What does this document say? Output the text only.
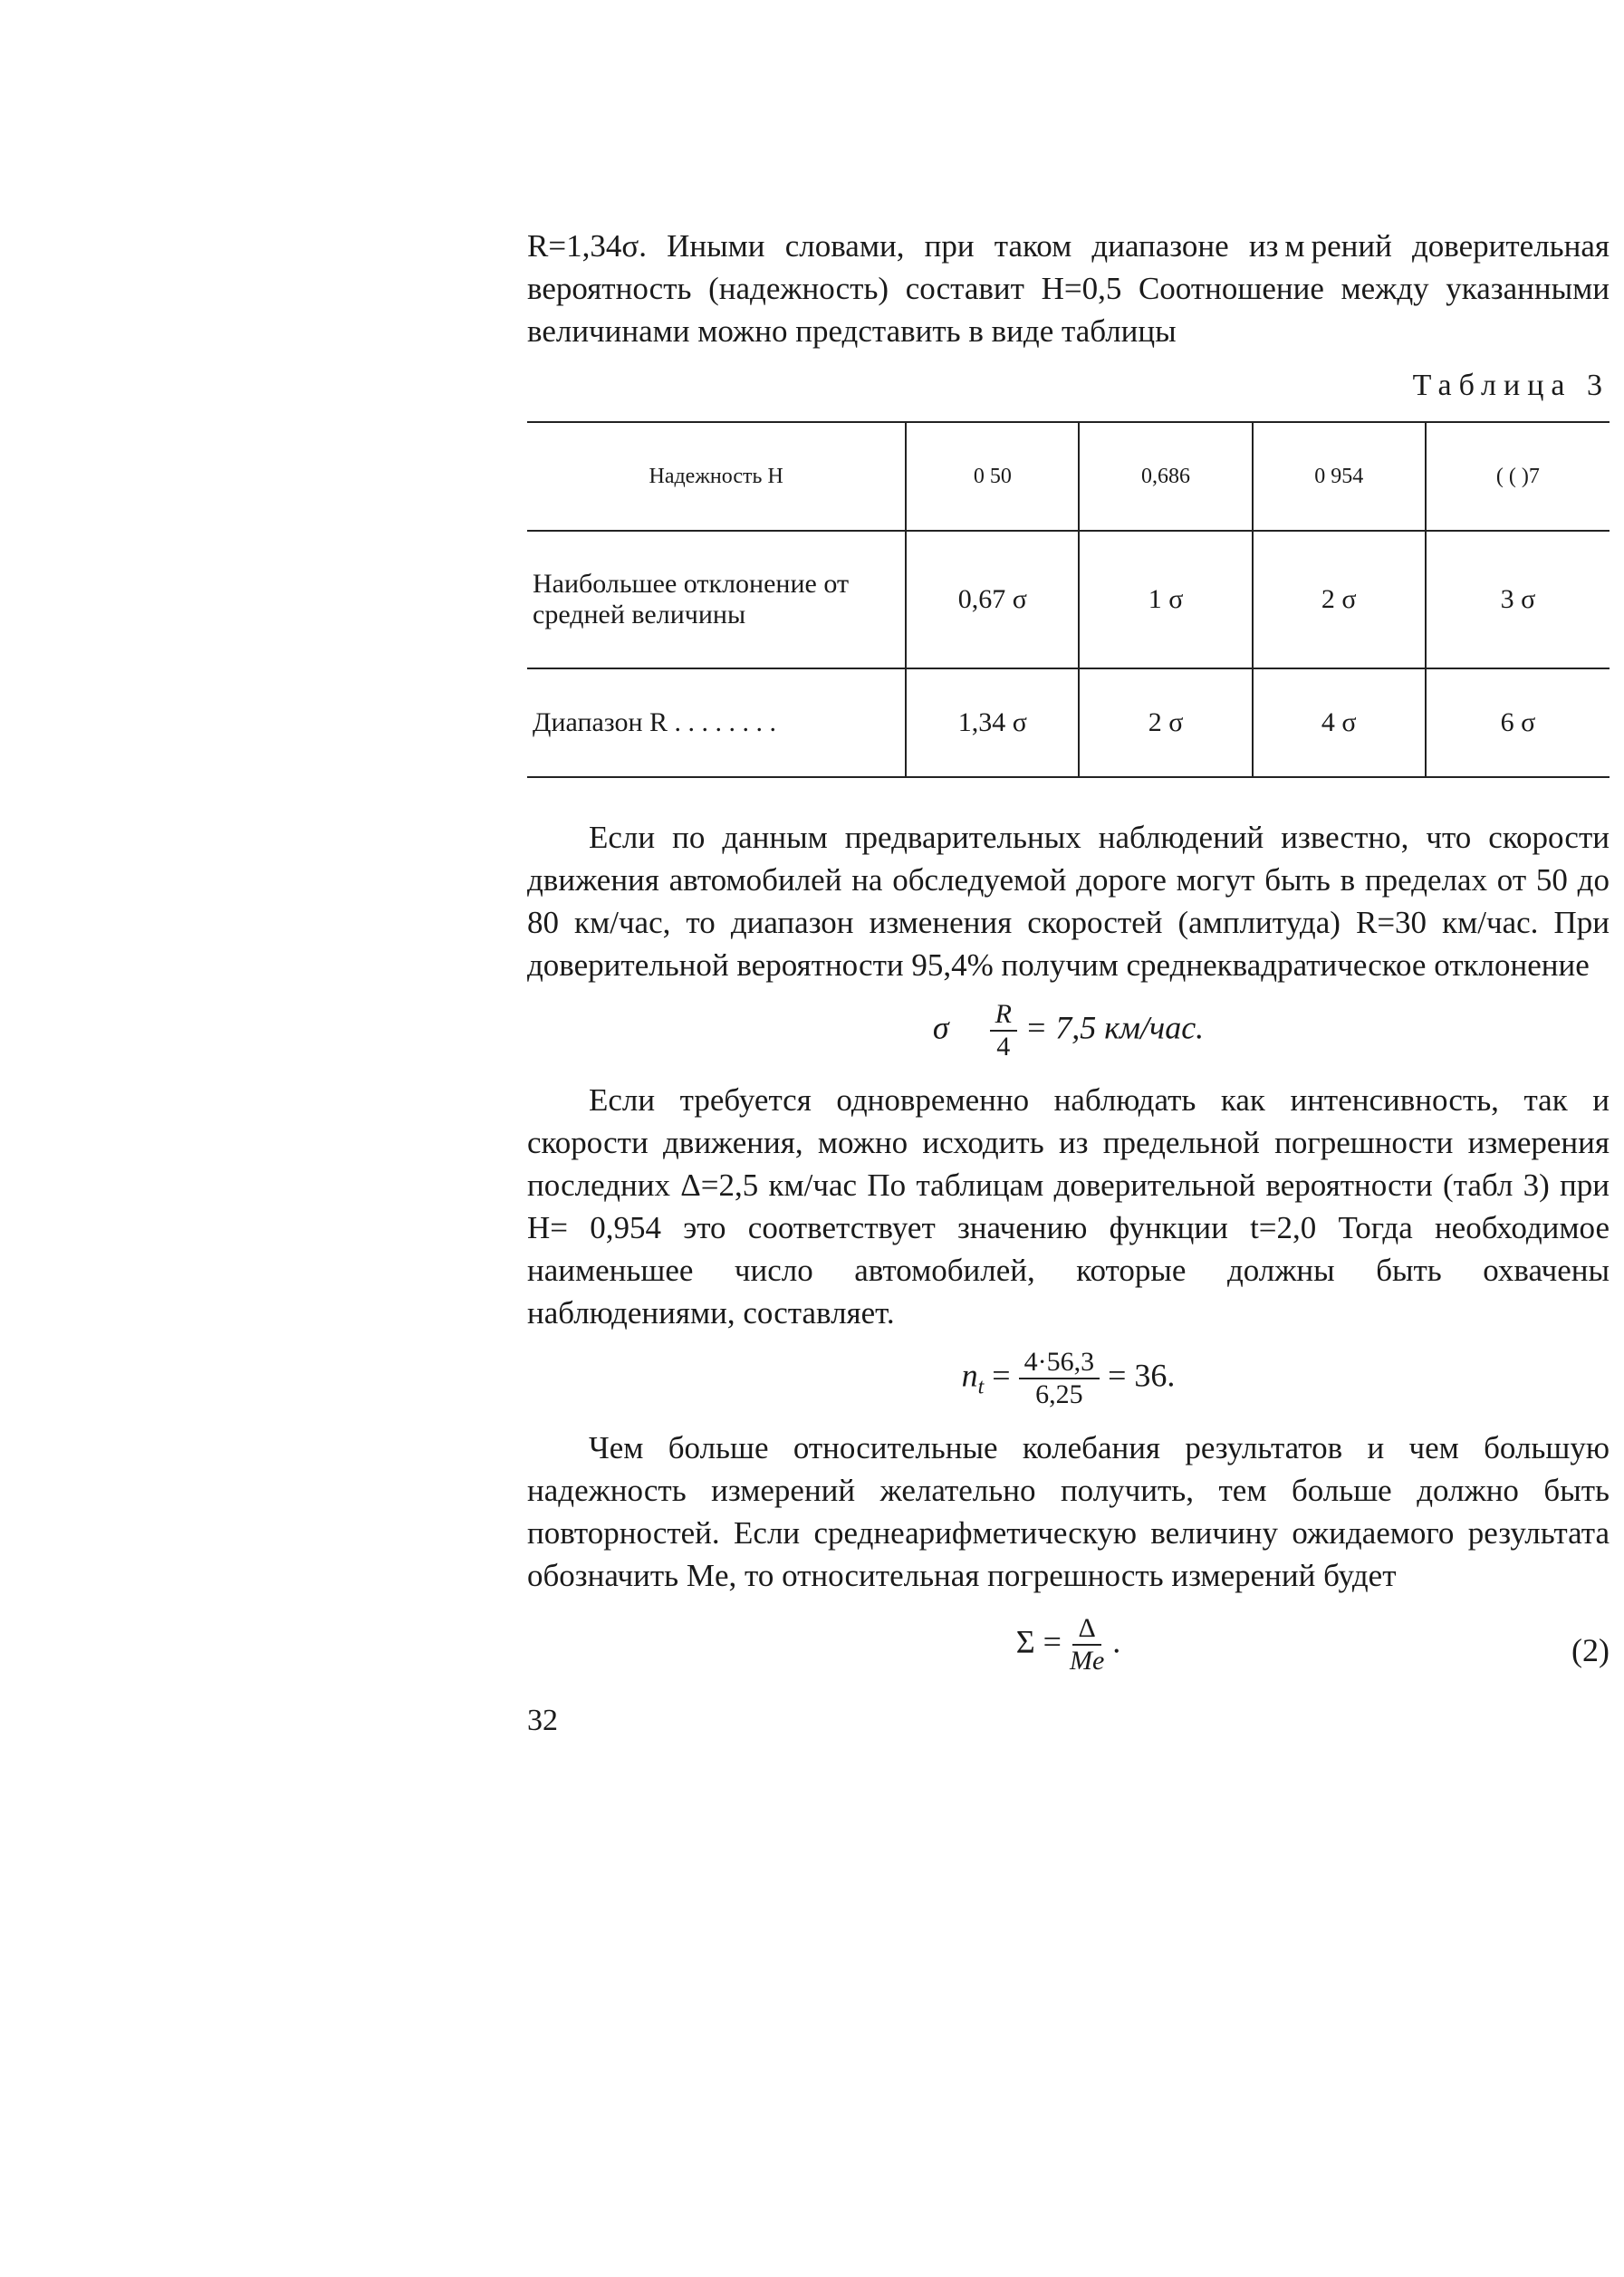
R=1,34σ. Иными словами, при таком диапазоне из м рений доверительная вероятность (надежность) составит H=0,5 Соотношение между указанными величинами можно представить в виде таблицы

Таблица 3
Надежность H	0 50	0,686	0 954	( ( )7
Наибольшее отклонение от средней величины	0,67 σ	1 σ	2 σ	3 σ
Диапазон R . . . . . . . .	1,34 σ	2 σ	4 σ	6 σ

Если по данным предварительных наблюдений известно, что скорости движения автомобилей на обследуемой дороге могут быть в пределах от 50 до 80 км/час, то диапазон изменения скоростей (амплитуда) R=30 км/час. При доверительной вероятности 95,4% получим среднеквадратическое отклонение

σ $\frac{R}{4} = 7,5$ км/час.

Если требуется одновременно наблюдать как интенсивность, так и скорости движения, можно исходить из предельной погрешности измерения последних Δ=2,5 км/час По таблицам доверительной вероятности (табл 3) при H= 0,954 это соответствует значению функции t=2,0 Тогда необходимое наименьшее число автомобилей, которые должны быть охвачены наблюдениями, составляет.

$n_t = \frac{4\cdot 56,3}{6,25} = 36$.

Чем больше относительные колебания результатов и чем большую надежность измерений желательно получить, тем больше должно быть повторностей. Если среднеарифметическую величину ожидаемого результата обозначить Me, то относительная погрешность измерений будет

$\Sigma = \frac{\Delta}{Me}$ .	(2)
32
